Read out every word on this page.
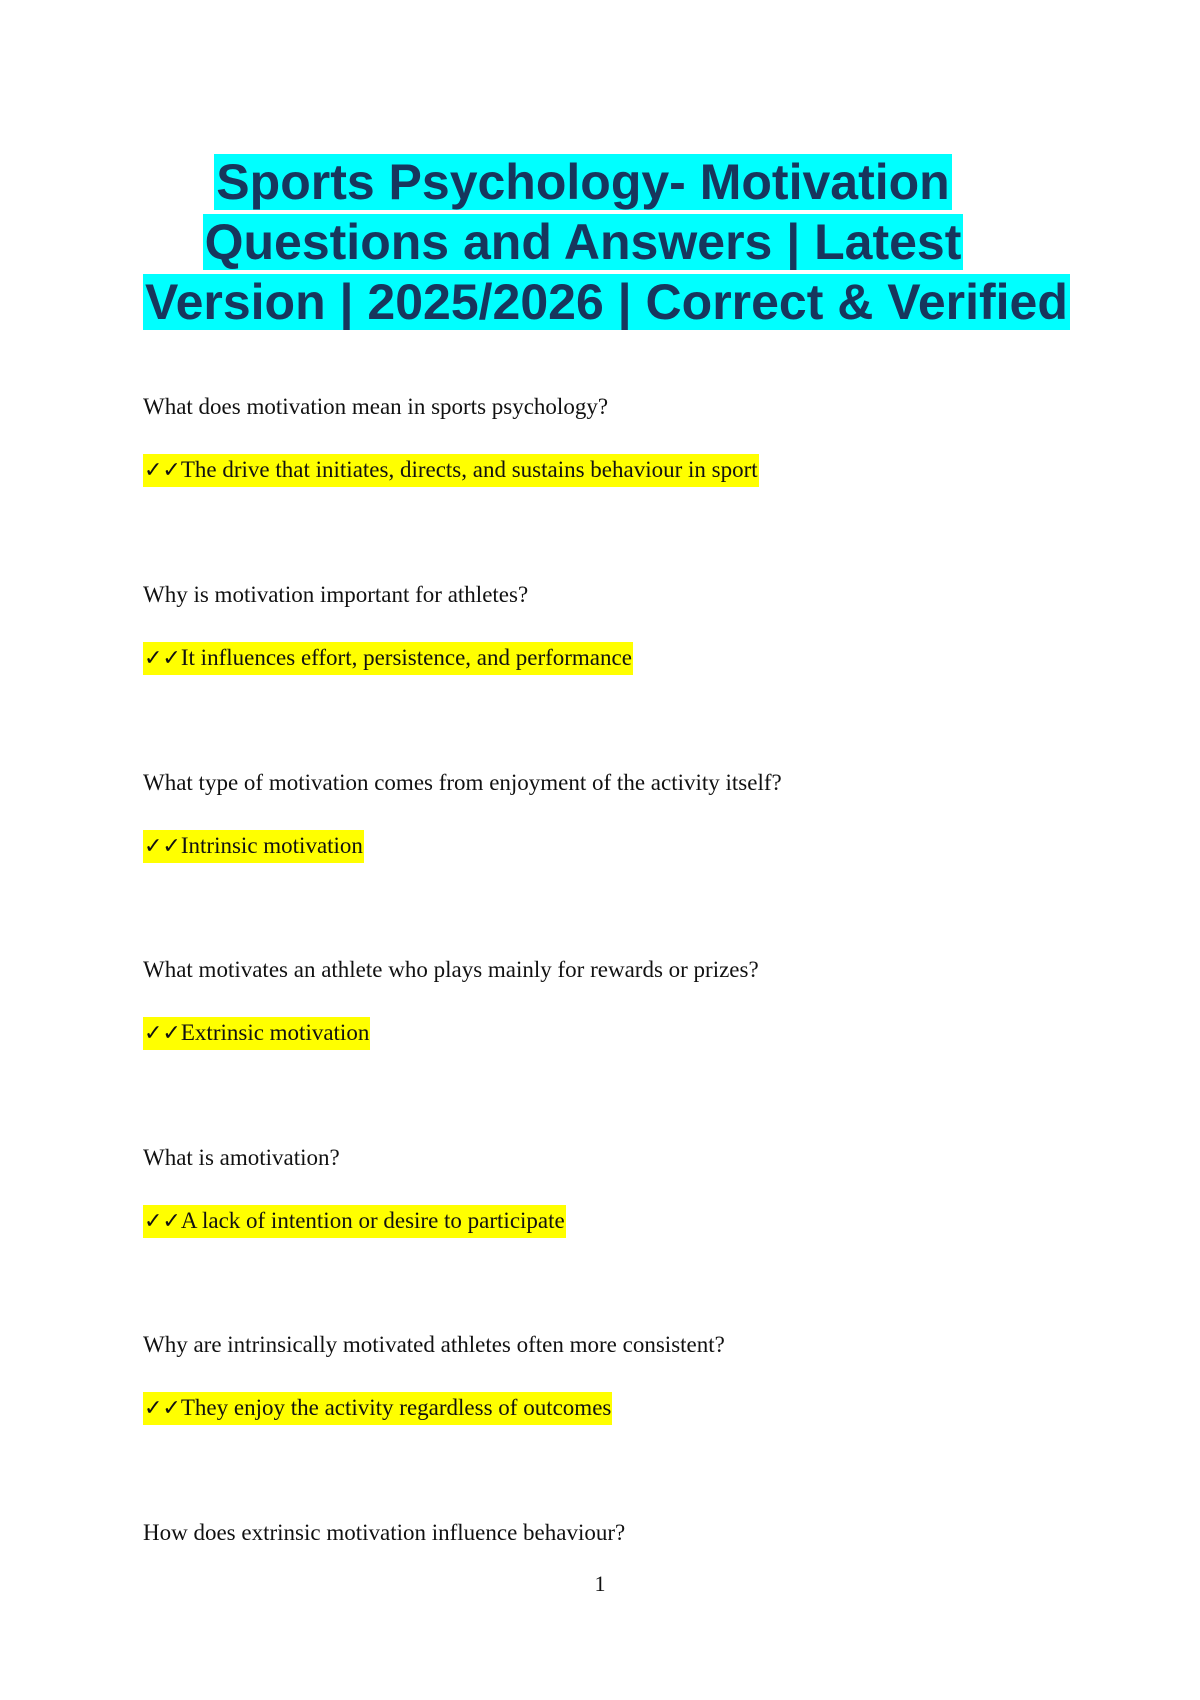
Sports Psychology- Motivation
Questions and Answers | Latest
Version | 2025/2026 | Correct & Verified
What does motivation mean in sports psychology?
✓✓The drive that initiates, directs, and sustains behaviour in sport
Why is motivation important for athletes?
✓✓It influences effort, persistence, and performance
What type of motivation comes from enjoyment of the activity itself?
✓✓Intrinsic motivation
What motivates an athlete who plays mainly for rewards or prizes?
✓✓Extrinsic motivation
What is amotivation?
✓✓A lack of intention or desire to participate
Why are intrinsically motivated athletes often more consistent?
✓✓They enjoy the activity regardless of outcomes
How does extrinsic motivation influence behaviour?
1
